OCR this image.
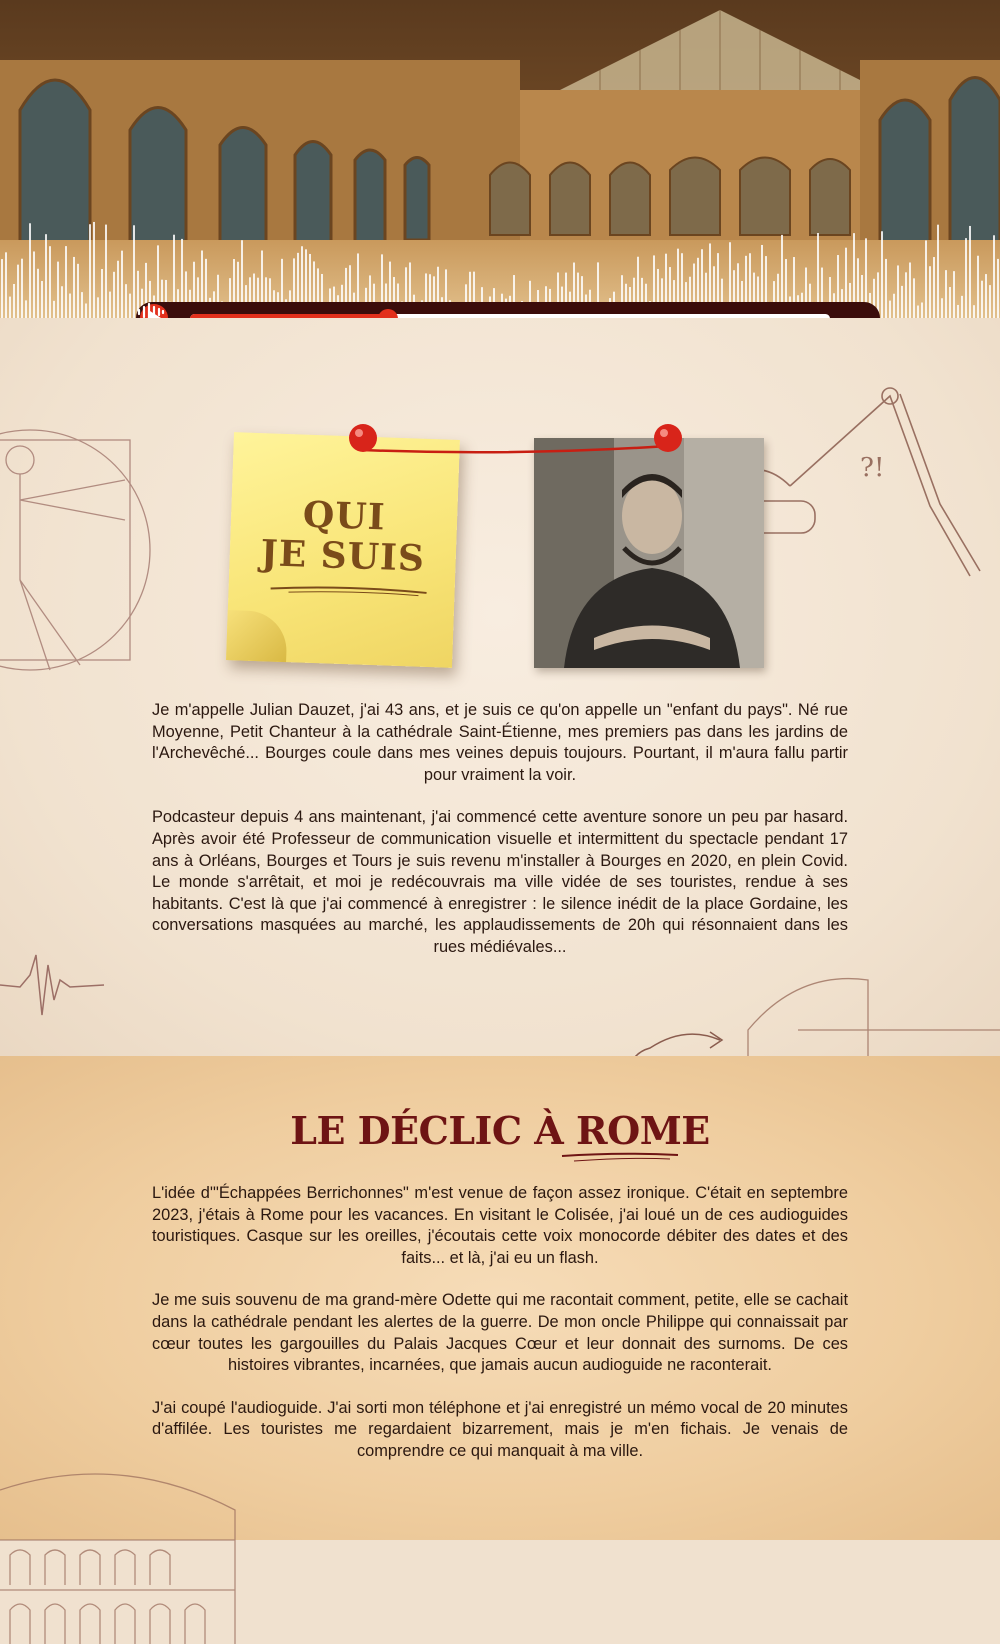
?!
QUI
JE SUIS

Je m'appelle Julian Dauzet, j'ai 43 ans, et je suis ce qu'on appelle un "enfant du pays". Né rue Moyenne, Petit Chanteur à la cathédrale Saint-Étienne, mes premiers pas dans les jardins de l'Archevêché... Bourges coule dans mes veines depuis toujours. Pourtant, il m'aura fallu partir pour vraiment la voir.

Podcasteur depuis 4 ans maintenant, j'ai commencé cette aventure sonore un peu par hasard. Après avoir été Professeur de communication visuelle et intermittent du spectacle pendant 17 ans à Orléans, Bourges et Tours je suis revenu m'installer à Bourges en 2020, en plein Covid. Le monde s'arrêtait, et moi je redécouvrais ma ville vidée de ses touristes, rendue à ses habitants. C'est là que j'ai commencé à enregistrer : le silence inédit de la place Gordaine, les conversations masquées au marché, les applaudissements de 20h qui résonnaient dans les rues médiévales...

LE DÉCLIC À ROME

L'idée d'"Échappées Berrichonnes" m'est venue de façon assez ironique. C'était en septembre 2023, j'étais à Rome pour les vacances. En visitant le Colisée, j'ai loué un de ces audioguides touristiques. Casque sur les oreilles, j'écoutais cette voix monocorde débiter des dates et des faits... et là, j'ai eu un flash.

Je me suis souvenu de ma grand-mère Odette qui me racontait comment, petite, elle se cachait dans la cathédrale pendant les alertes de la guerre. De mon oncle Philippe qui connaissait par cœur toutes les gargouilles du Palais Jacques Cœur et leur donnait des surnoms. De ces histoires vibrantes, incarnées, que jamais aucun audioguide ne raconterait.

J'ai coupé l'audioguide. J'ai sorti mon téléphone et j'ai enregistré un mémo vocal de 20 minutes d'affilée. Les touristes me regardaient bizarrement, mais je m'en fichais. Je venais de comprendre ce qui manquait à ma ville.
